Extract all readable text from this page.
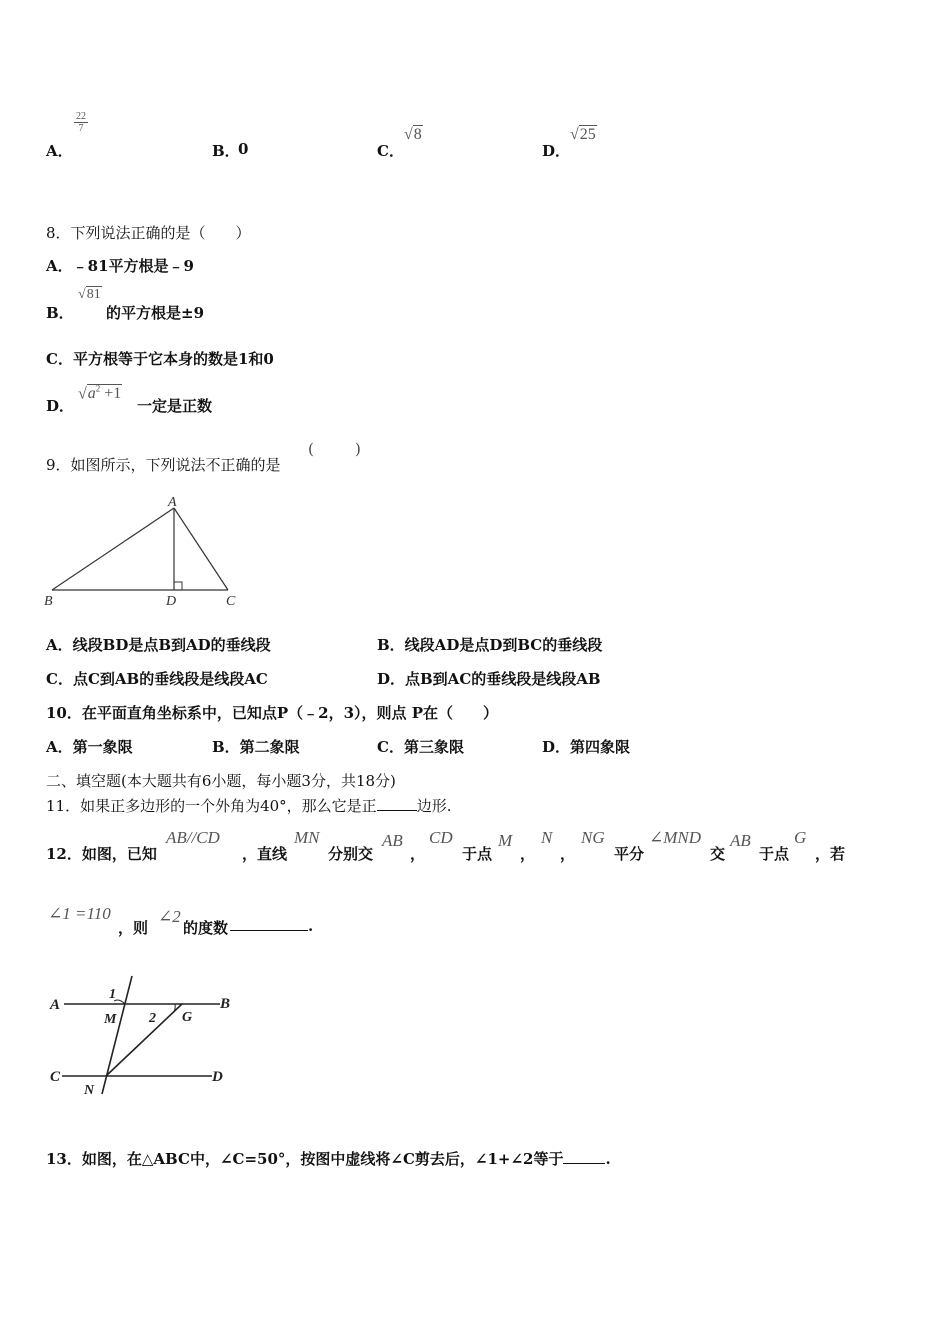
A．
$\frac{22}{7}$
B．
0	C．
√8
D．
√25
8．下列说法正确的是（　　）
A．﹣81平方根是﹣9
B．
√81
的平方根是±9
C．平方根等于它本身的数是1和0
D．
$√a^2 +1$
一定是正数
9．如图所示，下列说法不正确的是
(	)
A
B	D	C
A．线段BD是点B到AD的垂线段	B．线段AD是点D到BC的垂线段
C．点C到AB的垂线段是线段AC	D．点B到AC的垂线段是线段AB
10．在平面直角坐标系中，已知点P（﹣2，3），则点 P在（　　）
A．第一象限	B．第二象限	C．第三象限	D．第四象限
二、填空题(本大题共有6小题，每小题3分，共18分)
11．如果正多边形的一个外角为40°，那么它是正	边形.
12．如图，已知
AB//CD
，直线
MN
分别交
AB
，
CD
于点
M
，
N
，
NG
平分
∠MND
交
AB
于点
G
，若
∠1 =110
，则
∠2
的度数	.
A	B
C	D
M
N
G
1
2
13．如图，在△ABC中，∠C=50°，按图中虚线将∠C剪去后，∠1+∠2等于	.
